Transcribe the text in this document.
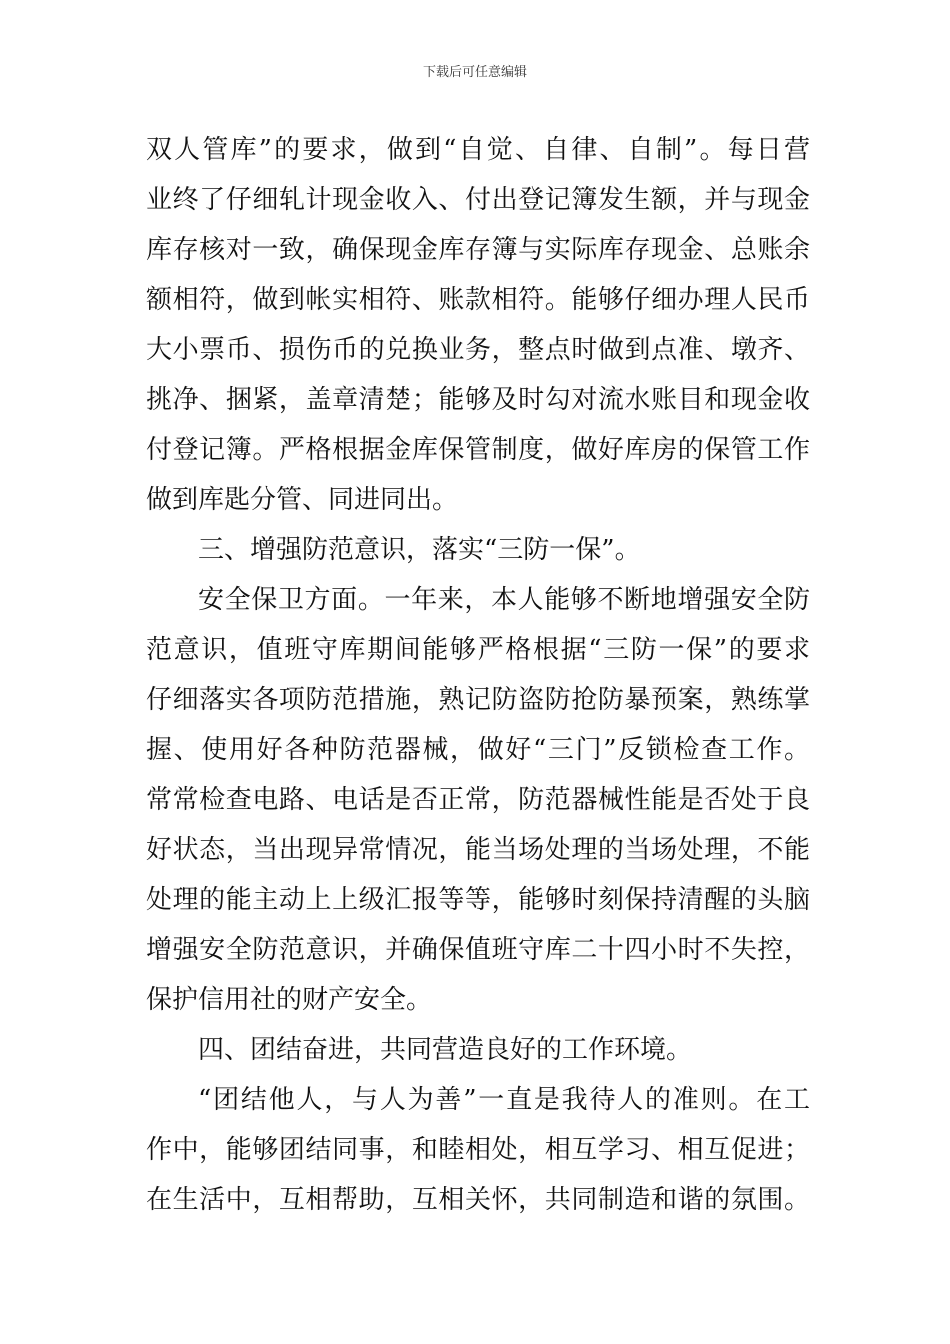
下载后可任意编辑
双人管库”的要求，做到“自觉、自律、自制”。每日营
业终了仔细轧计现金收入、付出登记簿发生额，并与现金
库存核对一致，确保现金库存簿与实际库存现金、总账余
额相符，做到帐实相符、账款相符。能够仔细办理人民币
大小票币、损伤币的兑换业务，整点时做到点准、墩齐、
挑净、捆紧，盖章清楚；能够及时勾对流水账目和现金收
付登记簿。严格根据金库保管制度，做好库房的保管工作
做到库匙分管、同进同出。
三、增强防范意识，落实“三防一保”。
安全保卫方面。一年来，本人能够不断地增强安全防
范意识，值班守库期间能够严格根据“三防一保”的要求
仔细落实各项防范措施，熟记防盗防抢防暴预案，熟练掌
握、使用好各种防范器械，做好“三门”反锁检查工作。
常常检查电路、电话是否正常，防范器械性能是否处于良
好状态，当出现异常情况，能当场处理的当场处理，不能
处理的能主动上上级汇报等等，能够时刻保持清醒的头脑
增强安全防范意识，并确保值班守库二十四小时不失控，
保护信用社的财产安全。
四、团结奋进，共同营造良好的工作环境。
“团结他人，与人为善”一直是我待人的准则。在工
作中，能够团结同事，和睦相处，相互学习、相互促进；
在生活中，互相帮助，互相关怀，共同制造和谐的氛围。
